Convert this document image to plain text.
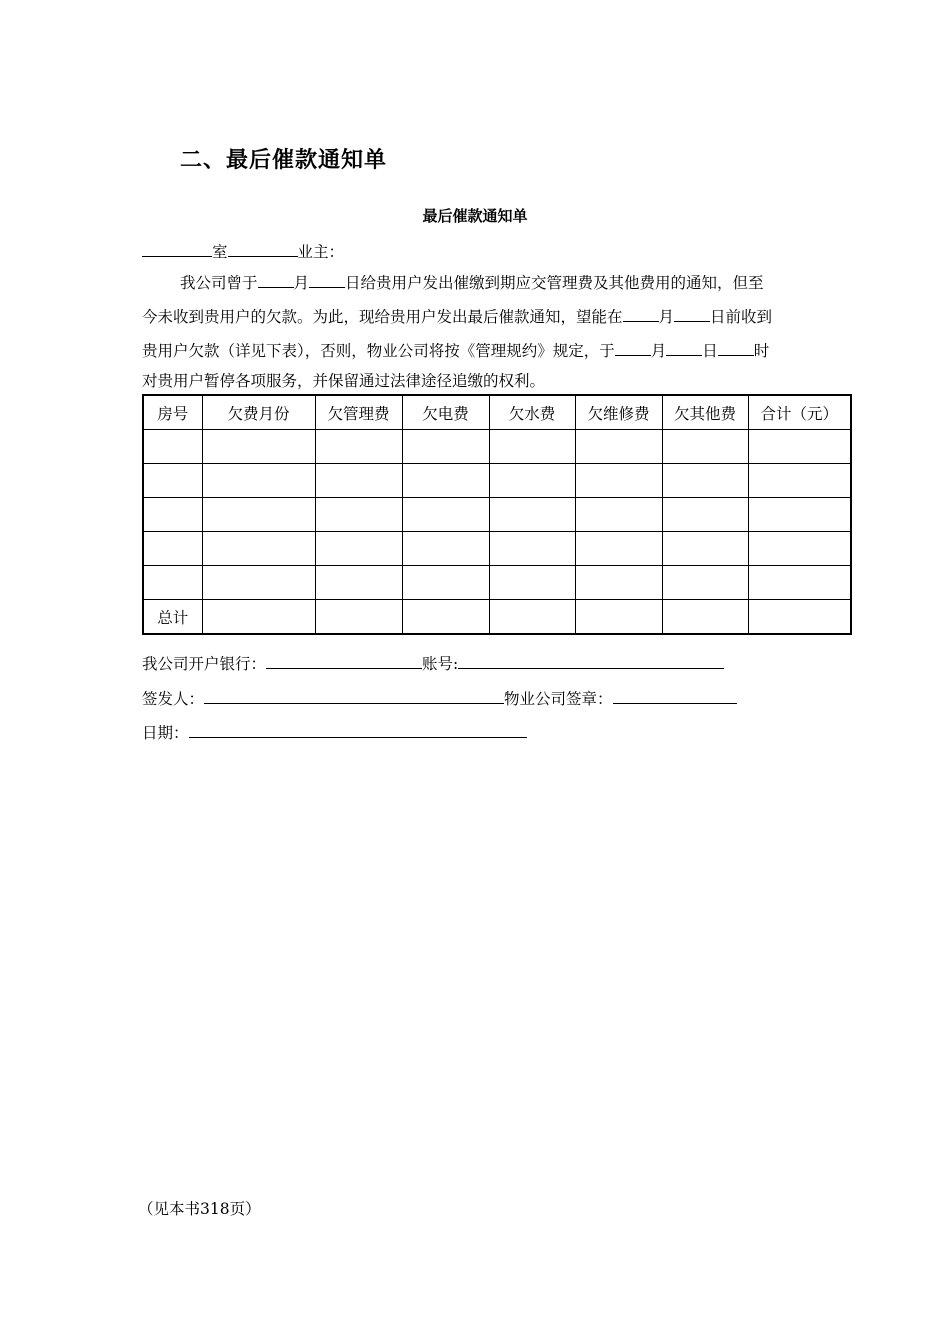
二、最后催款通知单
最后催款通知单
室	业主：
我公司曾于 月 日给贵用户发出催缴到期应交管理费及其他费用的通知，但至
今未收到贵用户的欠款。为此，现给贵用户发出最后催款通知，望能在 月 日前收到
贵用户欠款（详见下表），否则，物业公司将按《管理规约》规定，于 月 日 时
对贵用户暂停各项服务，并保留通过法律途径追缴的权利。
房号	欠费月份	欠管理费	欠电费	欠水费	欠维修费	欠其他费	合计（元）

总计							
我公司开户银行：	账号:
签发人：	物业公司签章：
日期：
（见本书318页）
